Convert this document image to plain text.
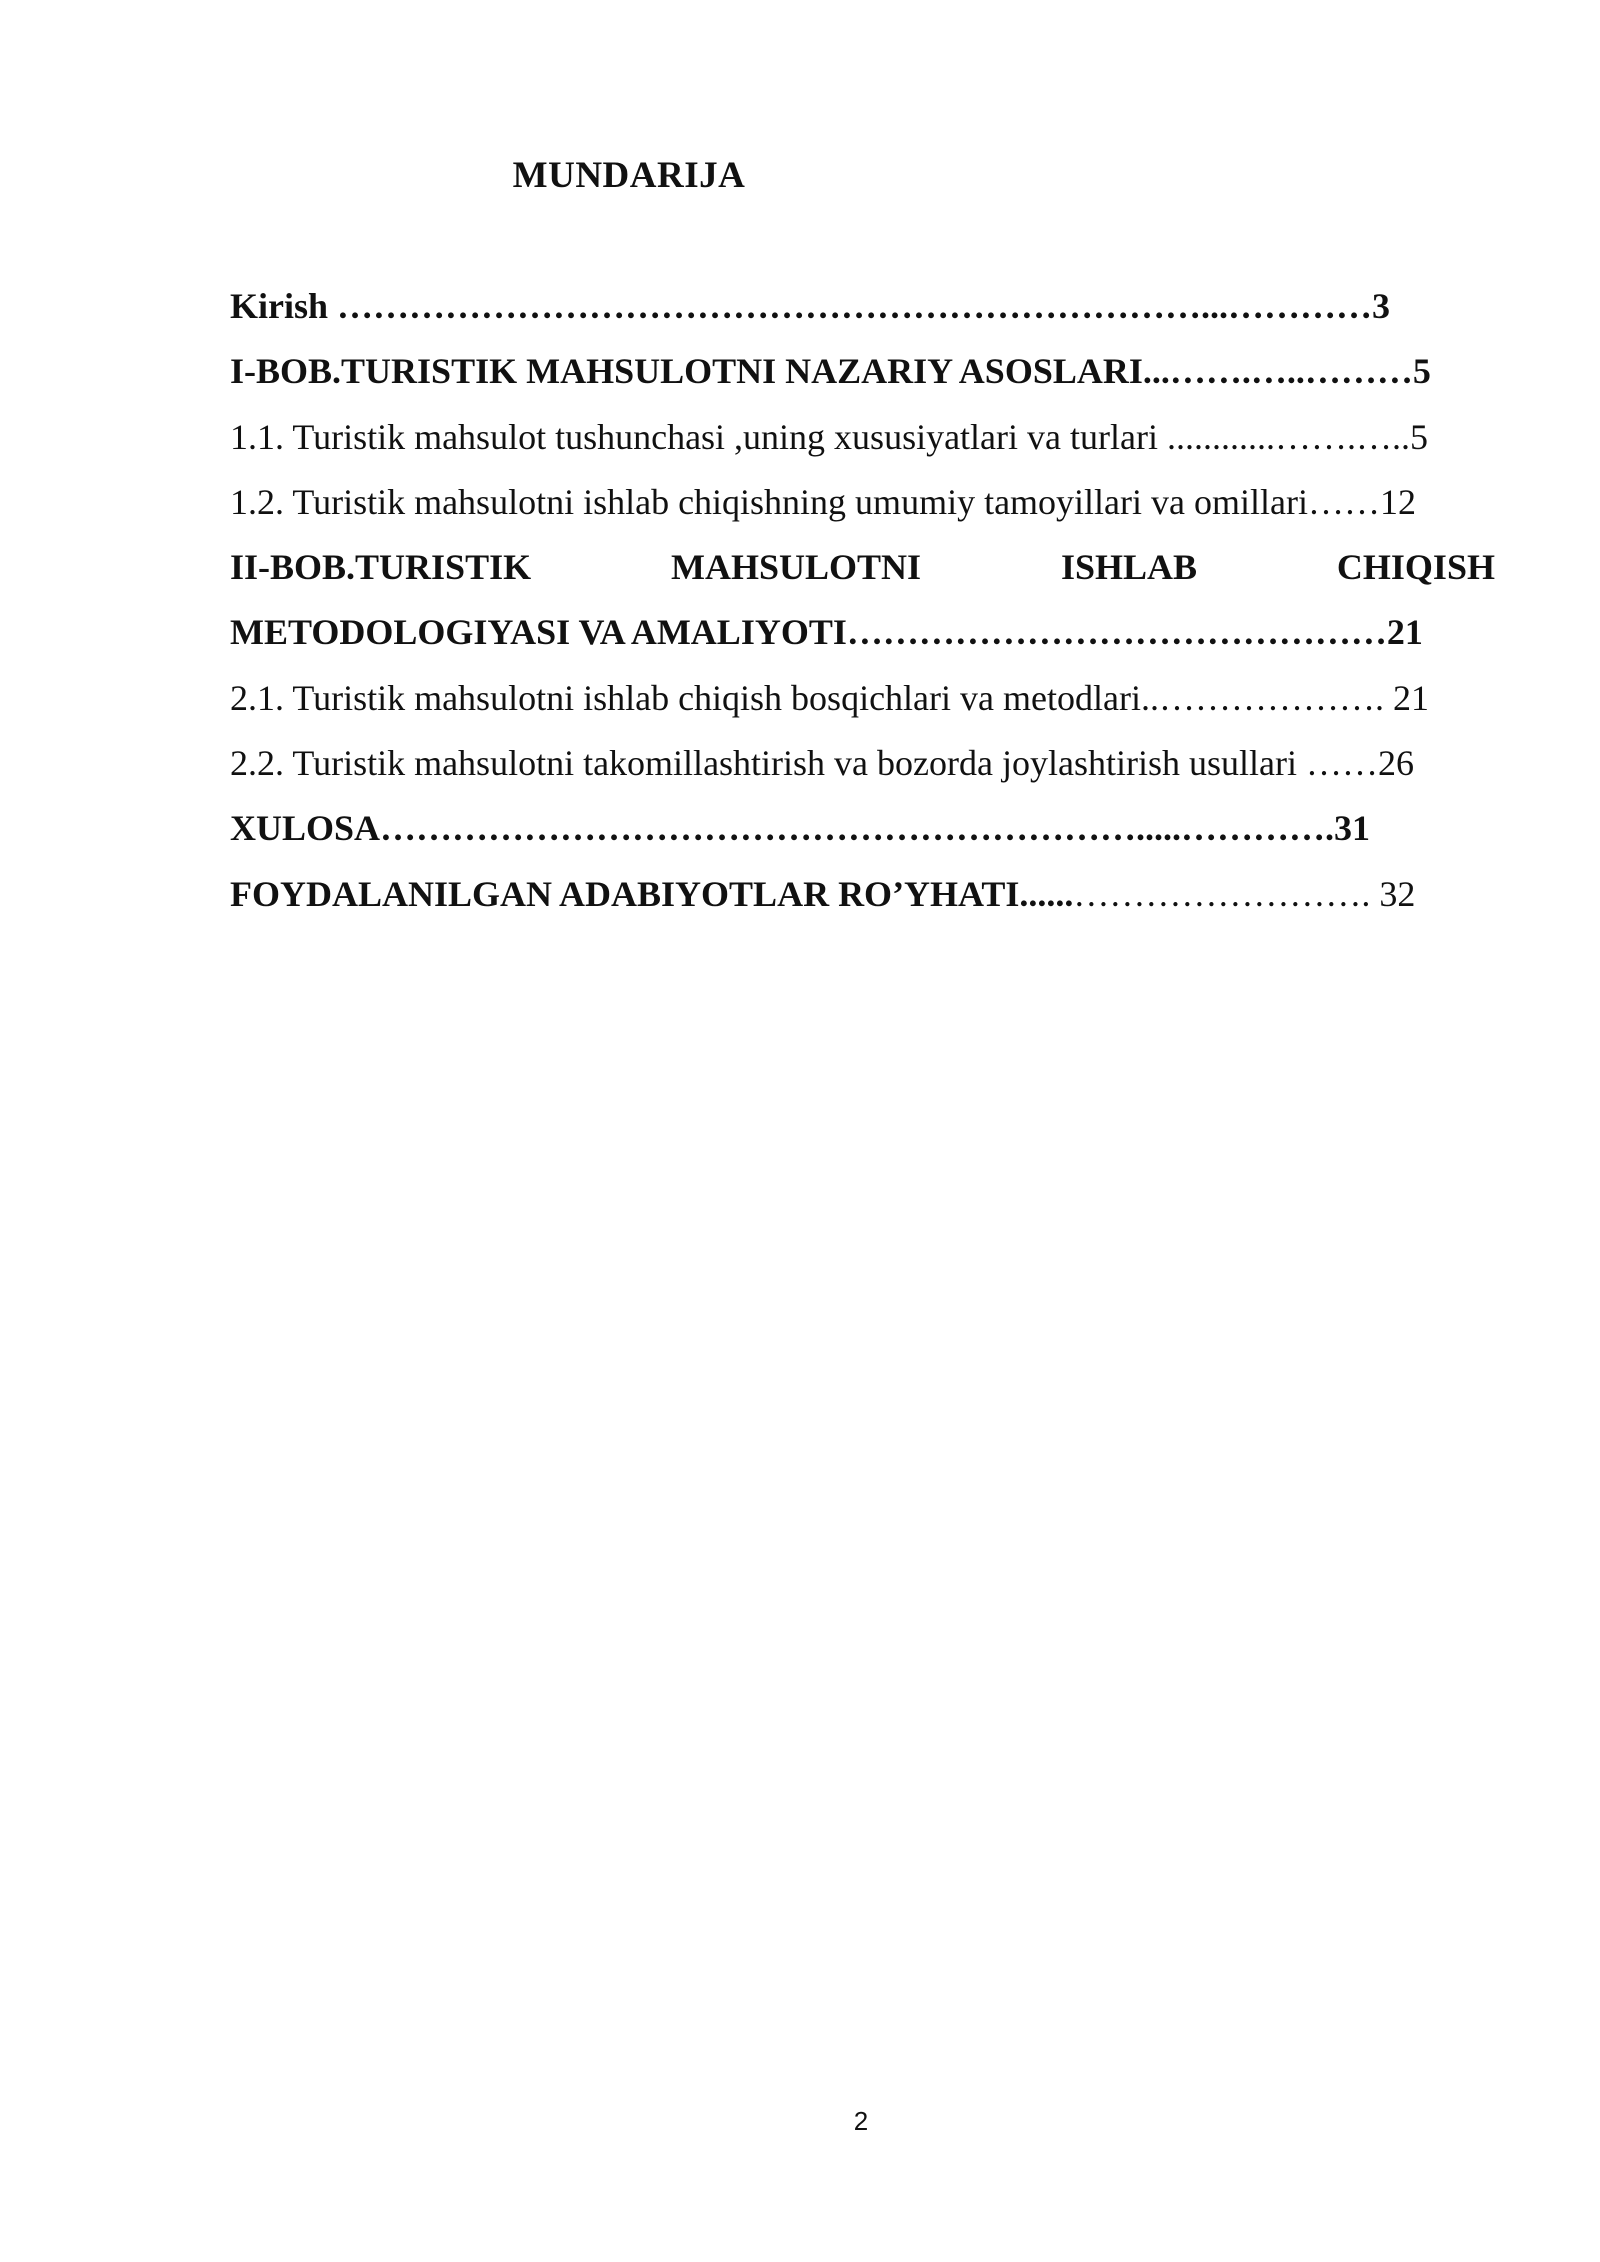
MUNDARIJA
Kirish ………………………………………………………………...…………3
I-BOB.TURISTIK MAHSULOTNI NAZARIY ASOSLARI...…….…..………5
1.1. Turistik mahsulot tushunchasi ,uning xususiyatlari va turlari ............…….…..5
1.2. Turistik mahsulotni ishlab chiqishning umumiy tamoyillari va omillari……12
II-BOB.TURISTIK	MAHSULOTNI	ISHLAB	CHIQISH
METODOLOGIYASI VA AMALIYOTI………………………………………21
2.1. Turistik mahsulotni ishlab chiqish bosqichlari va metodlari..………………. 21
2.2. Turistik mahsulotni takomillashtirish va bozorda joylashtirish usullari ……26
XULOSA……………………………………………………….....………….31
FOYDALANILGAN ADABIYOTLAR RO’YHATI......……………………. 32
2
